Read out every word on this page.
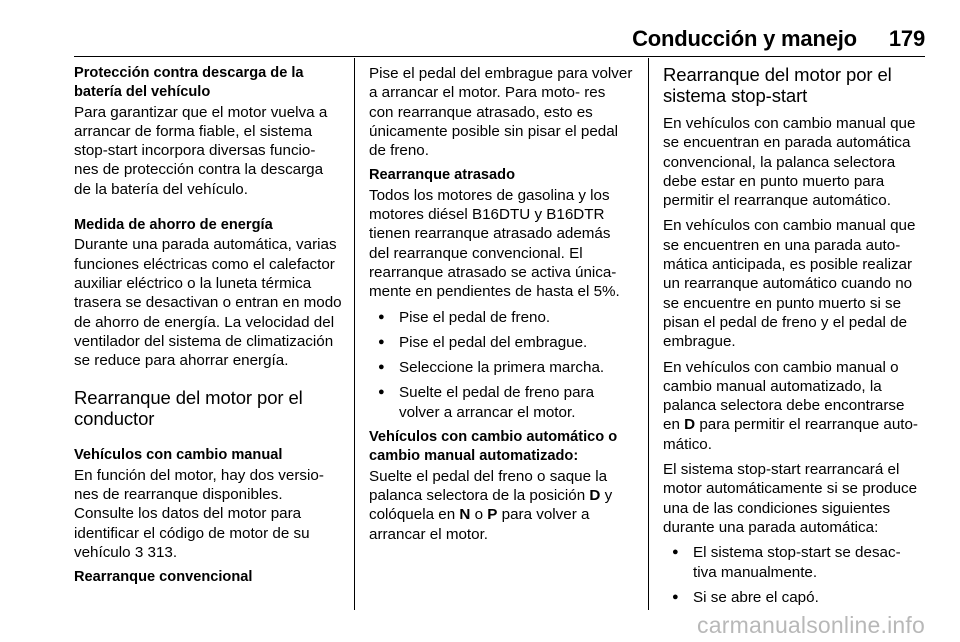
Conducción y manejo 179

Protección contra descarga de la batería del vehículo

Para garantizar que el motor vuelva a arrancar de forma fiable, el sistema stop-start incorpora diversas funcio- nes de protección contra la descarga de la batería del vehículo.

Medida de ahorro de energía

Durante una parada automática, varias funciones eléctricas como el calefactor auxiliar eléctrico o la luneta térmica trasera se desactivan o entran en modo de ahorro de energía. La velocidad del ventilador del sistema de climatización se reduce para ahorrar energía.

Rearranque del motor por el conductor

Vehículos con cambio manual

En función del motor, hay dos versio- nes de rearranque disponibles. Consulte los datos del motor para identificar el código de motor de su vehículo 3 313.

Rearranque convencional

Pise el pedal del embrague para volver a arrancar el motor. Para moto- res con rearranque atrasado, esto es únicamente posible sin pisar el pedal de freno.

Rearranque atrasado

Todos los motores de gasolina y los motores diésel B16DTU y B16DTR tienen rearranque atrasado además del rearranque convencional. El rearranque atrasado se activa única- mente en pendientes de hasta el 5%.

● Pise el pedal de freno.
● Pise el pedal del embrague.
● Seleccione la primera marcha.
● Suelte el pedal de freno para volver a arrancar el motor.

Vehículos con cambio automático o cambio manual automatizado:

Suelte el pedal del freno o saque la palanca selectora de la posición D y colóquela en N o P para volver a arrancar el motor.

Rearranque del motor por el sistema stop-start

En vehículos con cambio manual que se encuentran en parada automática convencional, la palanca selectora debe estar en punto muerto para permitir el rearranque automático.

En vehículos con cambio manual que se encuentren en una parada auto- mática anticipada, es posible realizar un rearranque automático cuando no se encuentre en punto muerto si se pisan el pedal de freno y el pedal de embrague.

En vehículos con cambio manual o cambio manual automatizado, la palanca selectora debe encontrarse en D para permitir el rearranque auto- mático.

El sistema stop-start rearrancará el motor automáticamente si se produce una de las condiciones siguientes durante una parada automática:

● El sistema stop-start se desac- tiva manualmente.
● Si se abre el capó.
carmanualsonline.info
